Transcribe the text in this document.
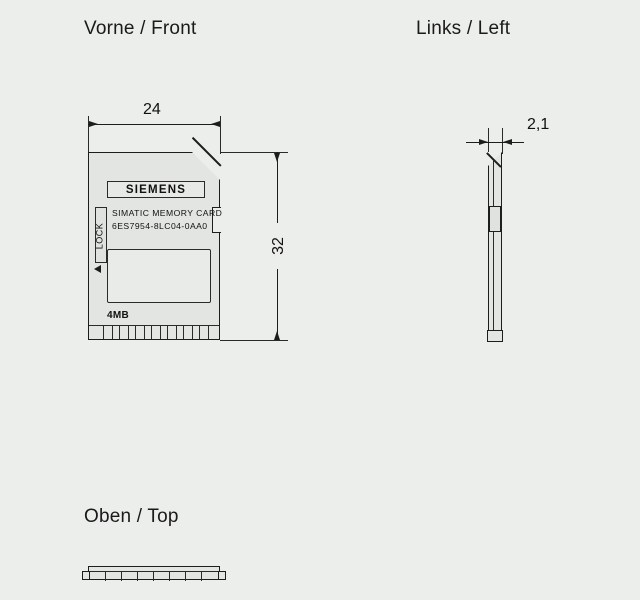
Vorne / Front	Links / Left
Oben / Top
24
32
LOCK
SIEMENS
SIMATIC MEMORY CARD
6ES7954-8LC04-0AA0
4MB
2,1
